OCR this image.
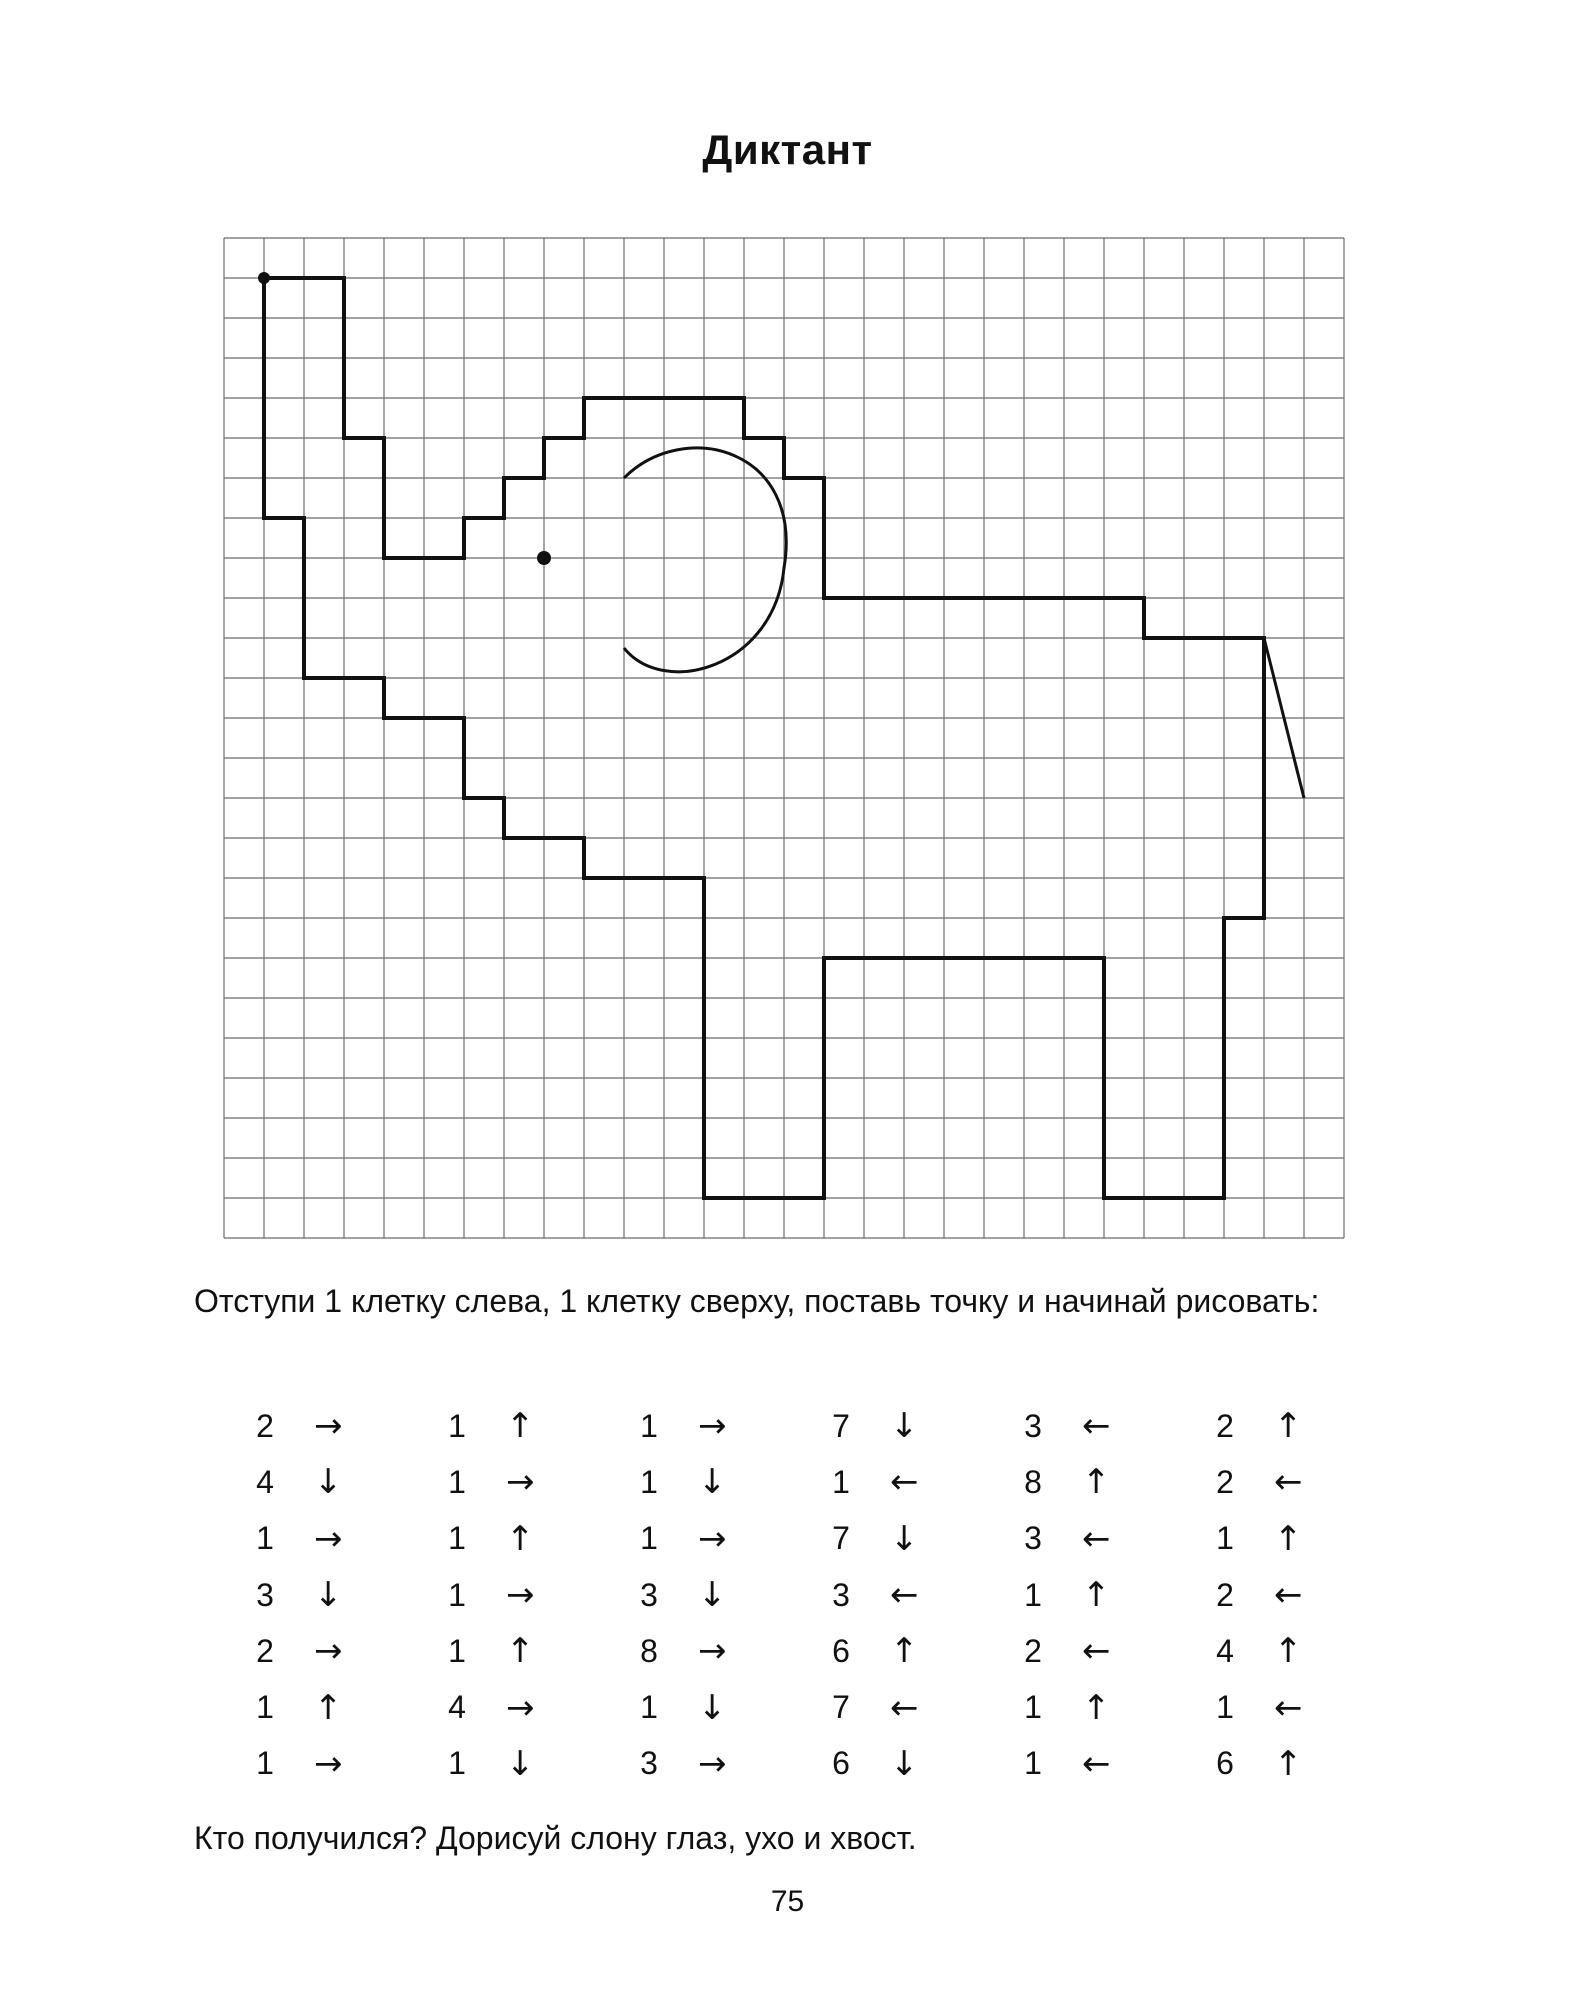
Диктант

Отступи 1 клетку слева, 1 клетку сверху, поставь точку и начинай рисовать:

2 →
4 ↓
1 →
3 ↓
2 →
1 ↑
1 →
1 ↑
1 →
1 ↑
1 →
1 ↑
4 →
1 ↓
1 →
1 ↓
1 →
3 ↓
8 →
1 ↓
3 →
7 ↓
1 ←
7 ↓
3 ←
6 ↑
7 ←
6 ↓
3 ←
8 ↑
3 ←
1 ↑
2 ←
1 ↑
1 ←
2 ↑
2 ←
1 ↑
2 ←
4 ↑
1 ←
6 ↑
Кто получился? Дорисуй слону глаз, ухо и хвост.
75
